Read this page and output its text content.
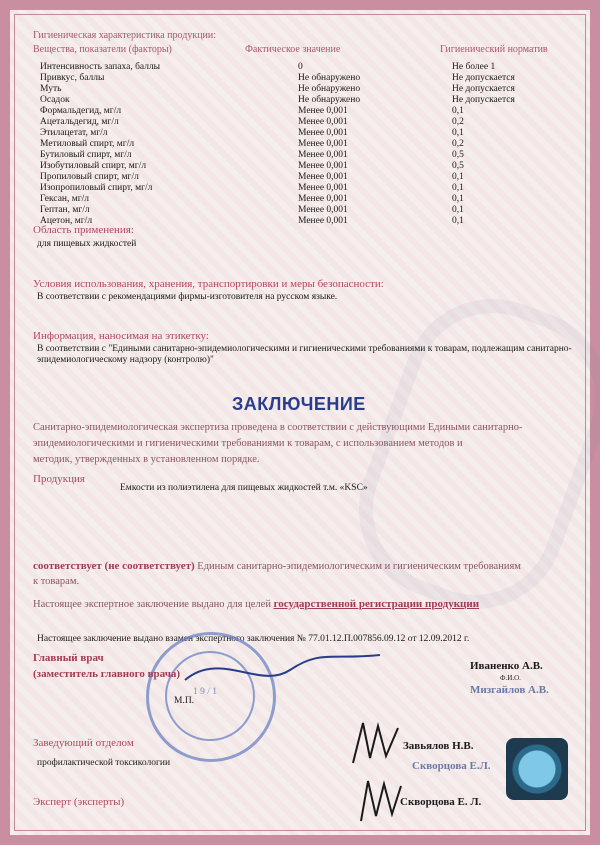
Гигиеническая характеристика продукции:
Вещества, показатели (факторы)	Фактическое значение	Гигиенический норматив
Интенсивность запаха, баллы	0	Не более 1
Привкус, баллы	Не обнаружено	Не допускается
Муть	Не обнаружено	Не допускается
Осадок	Не обнаружено	Не допускается
Формальдегид, мг/л	Менее 0,001	0,1
Ацетальдегид, мг/л	Менее 0,001	0,2
Этилацетат, мг/л	Менее 0,001	0,1
Метиловый спирт, мг/л	Менее 0,001	0,2
Бутиловый спирт, мг/л	Менее 0,001	0,5
Изобутиловый спирт, мг/л	Менее 0,001	0,5
Пропиловый спирт, мг/л	Менее 0,001	0,1
Изопропиловый спирт, мг/л	Менее 0,001	0,1
Гексан, мг/л	Менее 0,001	0,1
Гептан, мг/л	Менее 0,001	0,1
Ацетон, мг/л	Менее 0,001	0,1
Область применения:
для пищевых жидкостей
Условия использования, хранения, транспортировки и меры безопасности:
В соответствии с рекомендациями фирмы-изготовителя на русском языке.
Информация, наносимая на этикетку:
В соответствии с "Едиными санитарно-эпидемиологическими и гигиеническими требованиями к товарам, подлежащим санитарно-
эпидемиологическому надзору (контролю)"
ЗАКЛЮЧЕНИЕ
Санитарно-эпидемиологическая экспертиза проведена в соответствии с действующими Едиными санитарно-
эпидемиологическими и гигиеническими требованиями к товарам, с использованием методов и
методик, утвержденных в установленном порядке.
Продукция
Емкости из полиэтилена для пищевых жидкостей т.м. «KSC»
соответствует (не соответствует) Единым санитарно-эпидемиологическим и гигиеническим требованиям
к товарам.
Настоящее экспертное заключение выдано для целей государственной регистрации продукции
Настоящее заключение выдано взамен экспертного заключения № 77.01.12.П.007856.09.12 от 12.09.2012 г.
1 9 / 1
Главный врач
(заместитель главного врача)
М.П.
Иваненко А.В.
Ф.И.О.
Мизгайлов А.В.
Заведующий отделом
профилактической токсикологии
Завьялов Н.В.
Скворцова Е.Л.
Эксперт (эксперты)	Скворцова Е. Л.
